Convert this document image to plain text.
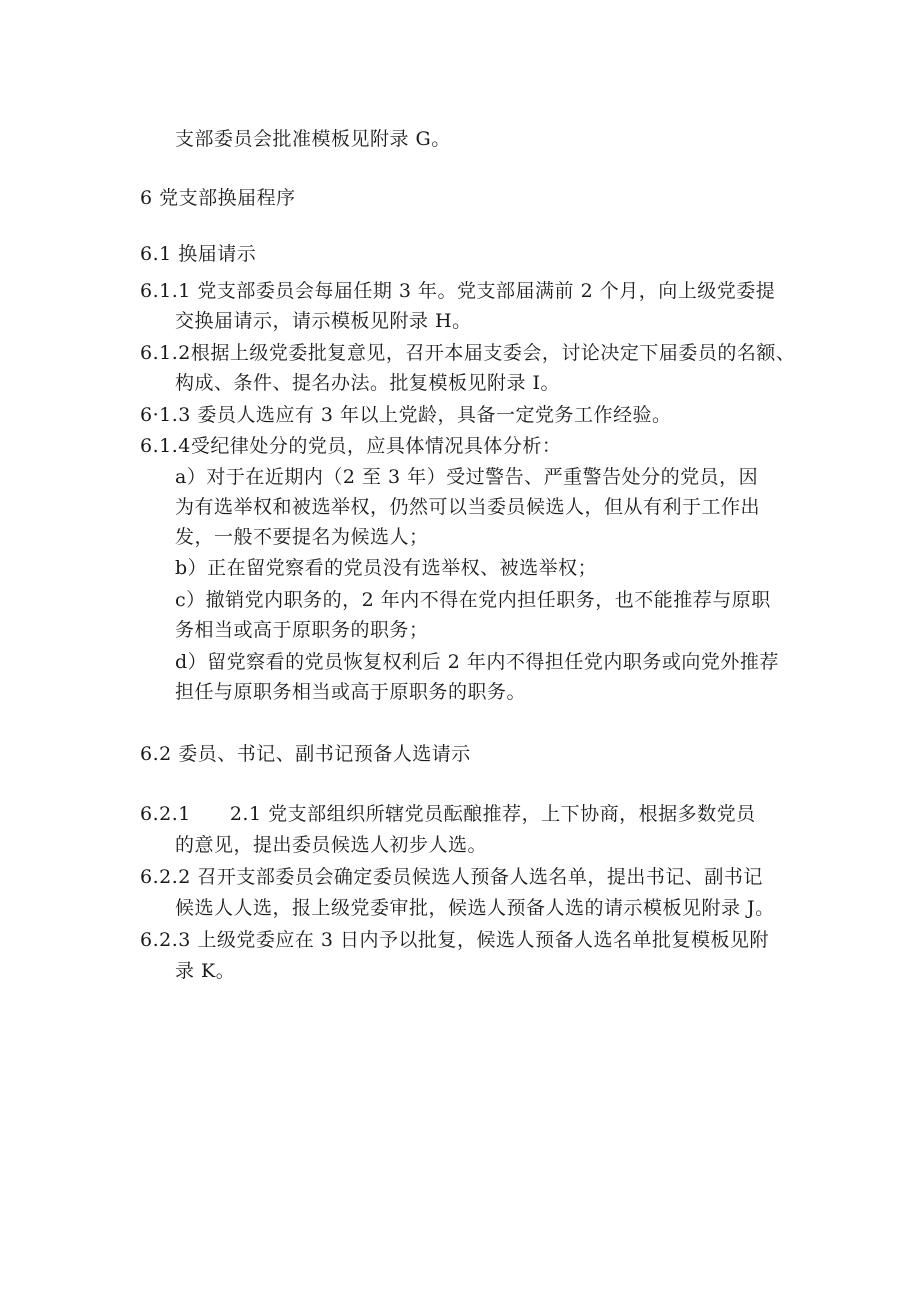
支部委员会批准模板见附录 G。
6 党支部换届程序
6.1 换届请示
6.1.1 党支部委员会每届任期 3 年。党支部届满前 2 个月，向上级党委提
交换届请示，请示模板见附录 H。
6.1.2根据上级党委批复意见，召开本届支委会，讨论决定下届委员的名额、
构成、条件、提名办法。批复模板见附录 I。
6·1.3 委员人选应有 3 年以上党龄，具备一定党务工作经验。
6.1.4受纪律处分的党员，应具体情况具体分析：
a）对于在近期内（2 至 3 年）受过警告、严重警告处分的党员，因
为有选举权和被选举权，仍然可以当委员候选人，但从有利于工作出
发，一般不要提名为候选人；
b）正在留党察看的党员没有选举权、被选举权；
c）撤销党内职务的，2 年内不得在党内担任职务，也不能推荐与原职
务相当或高于原职务的职务；
d）留党察看的党员恢复权利后 2 年内不得担任党内职务或向党外推荐
担任与原职务相当或高于原职务的职务。
6.2 委员、书记、副书记预备人选请示
6.2.1　　2.1 党支部组织所辖党员酝酿推荐，上下协商，根据多数党员
的意见，提出委员候选人初步人选。
6.2.2 召开支部委员会确定委员候选人预备人选名单，提出书记、副书记
候选人人选，报上级党委审批，候选人预备人选的请示模板见附录 J。
6.2.3 上级党委应在 3 日内予以批复，候选人预备人选名单批复模板见附
录 K。
